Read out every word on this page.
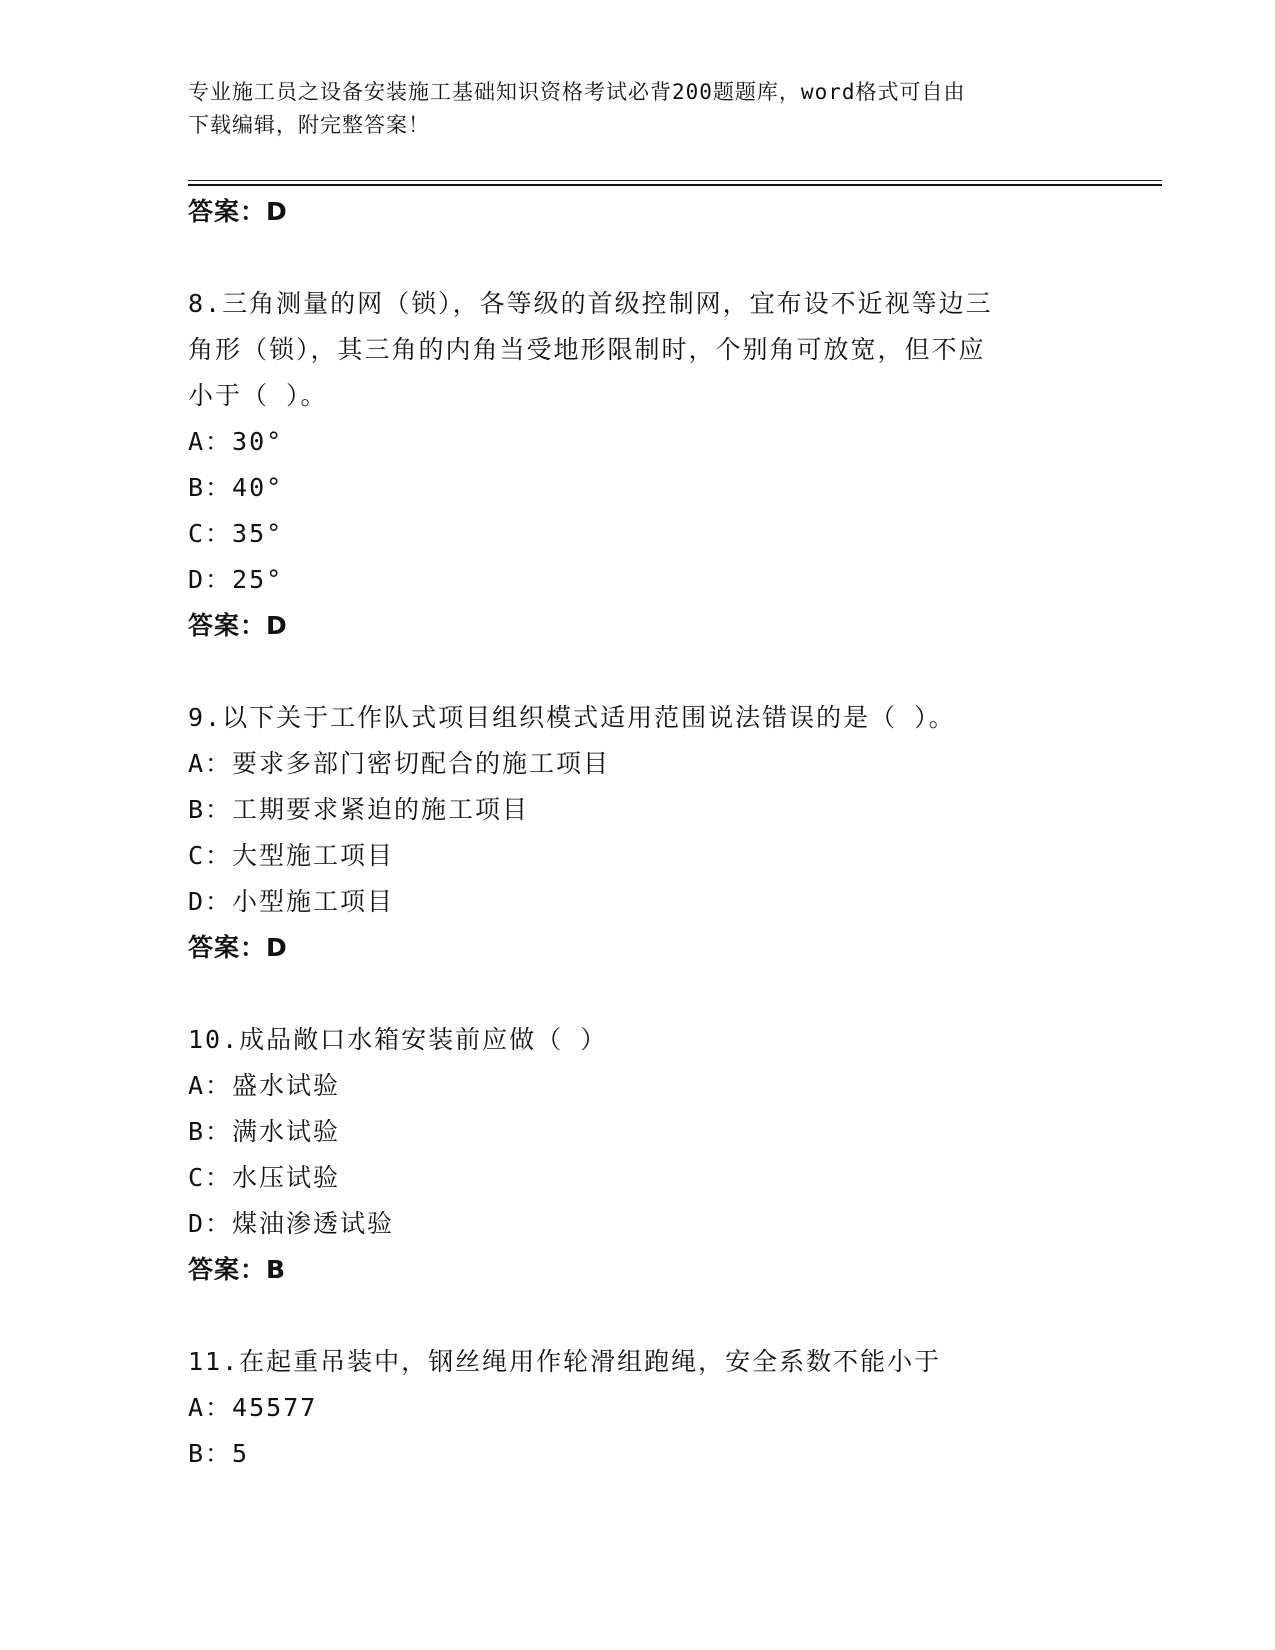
专业施工员之设备安装施工基础知识资格考试必背200题题库，word格式可自由
下载编辑，附完整答案！
答案：D
8.三角测量的网（锁），各等级的首级控制网，宜布设不近视等边三
角形（锁），其三角的内角当受地形限制时，个别角可放宽，但不应
小于（ ）。
A：30°
B：40°
C：35°
D：25°
答案：D
9.以下关于工作队式项目组织模式适用范围说法错误的是（ ）。
A：要求多部门密切配合的施工项目
B：工期要求紧迫的施工项目
C：大型施工项目
D：小型施工项目
答案：D
10.成品敞口水箱安装前应做（ ）
A：盛水试验
B：满水试验
C：水压试验
D：煤油渗透试验
答案：B
11.在起重吊装中，钢丝绳用作轮滑组跑绳，安全系数不能小于
A：45577
B：5
